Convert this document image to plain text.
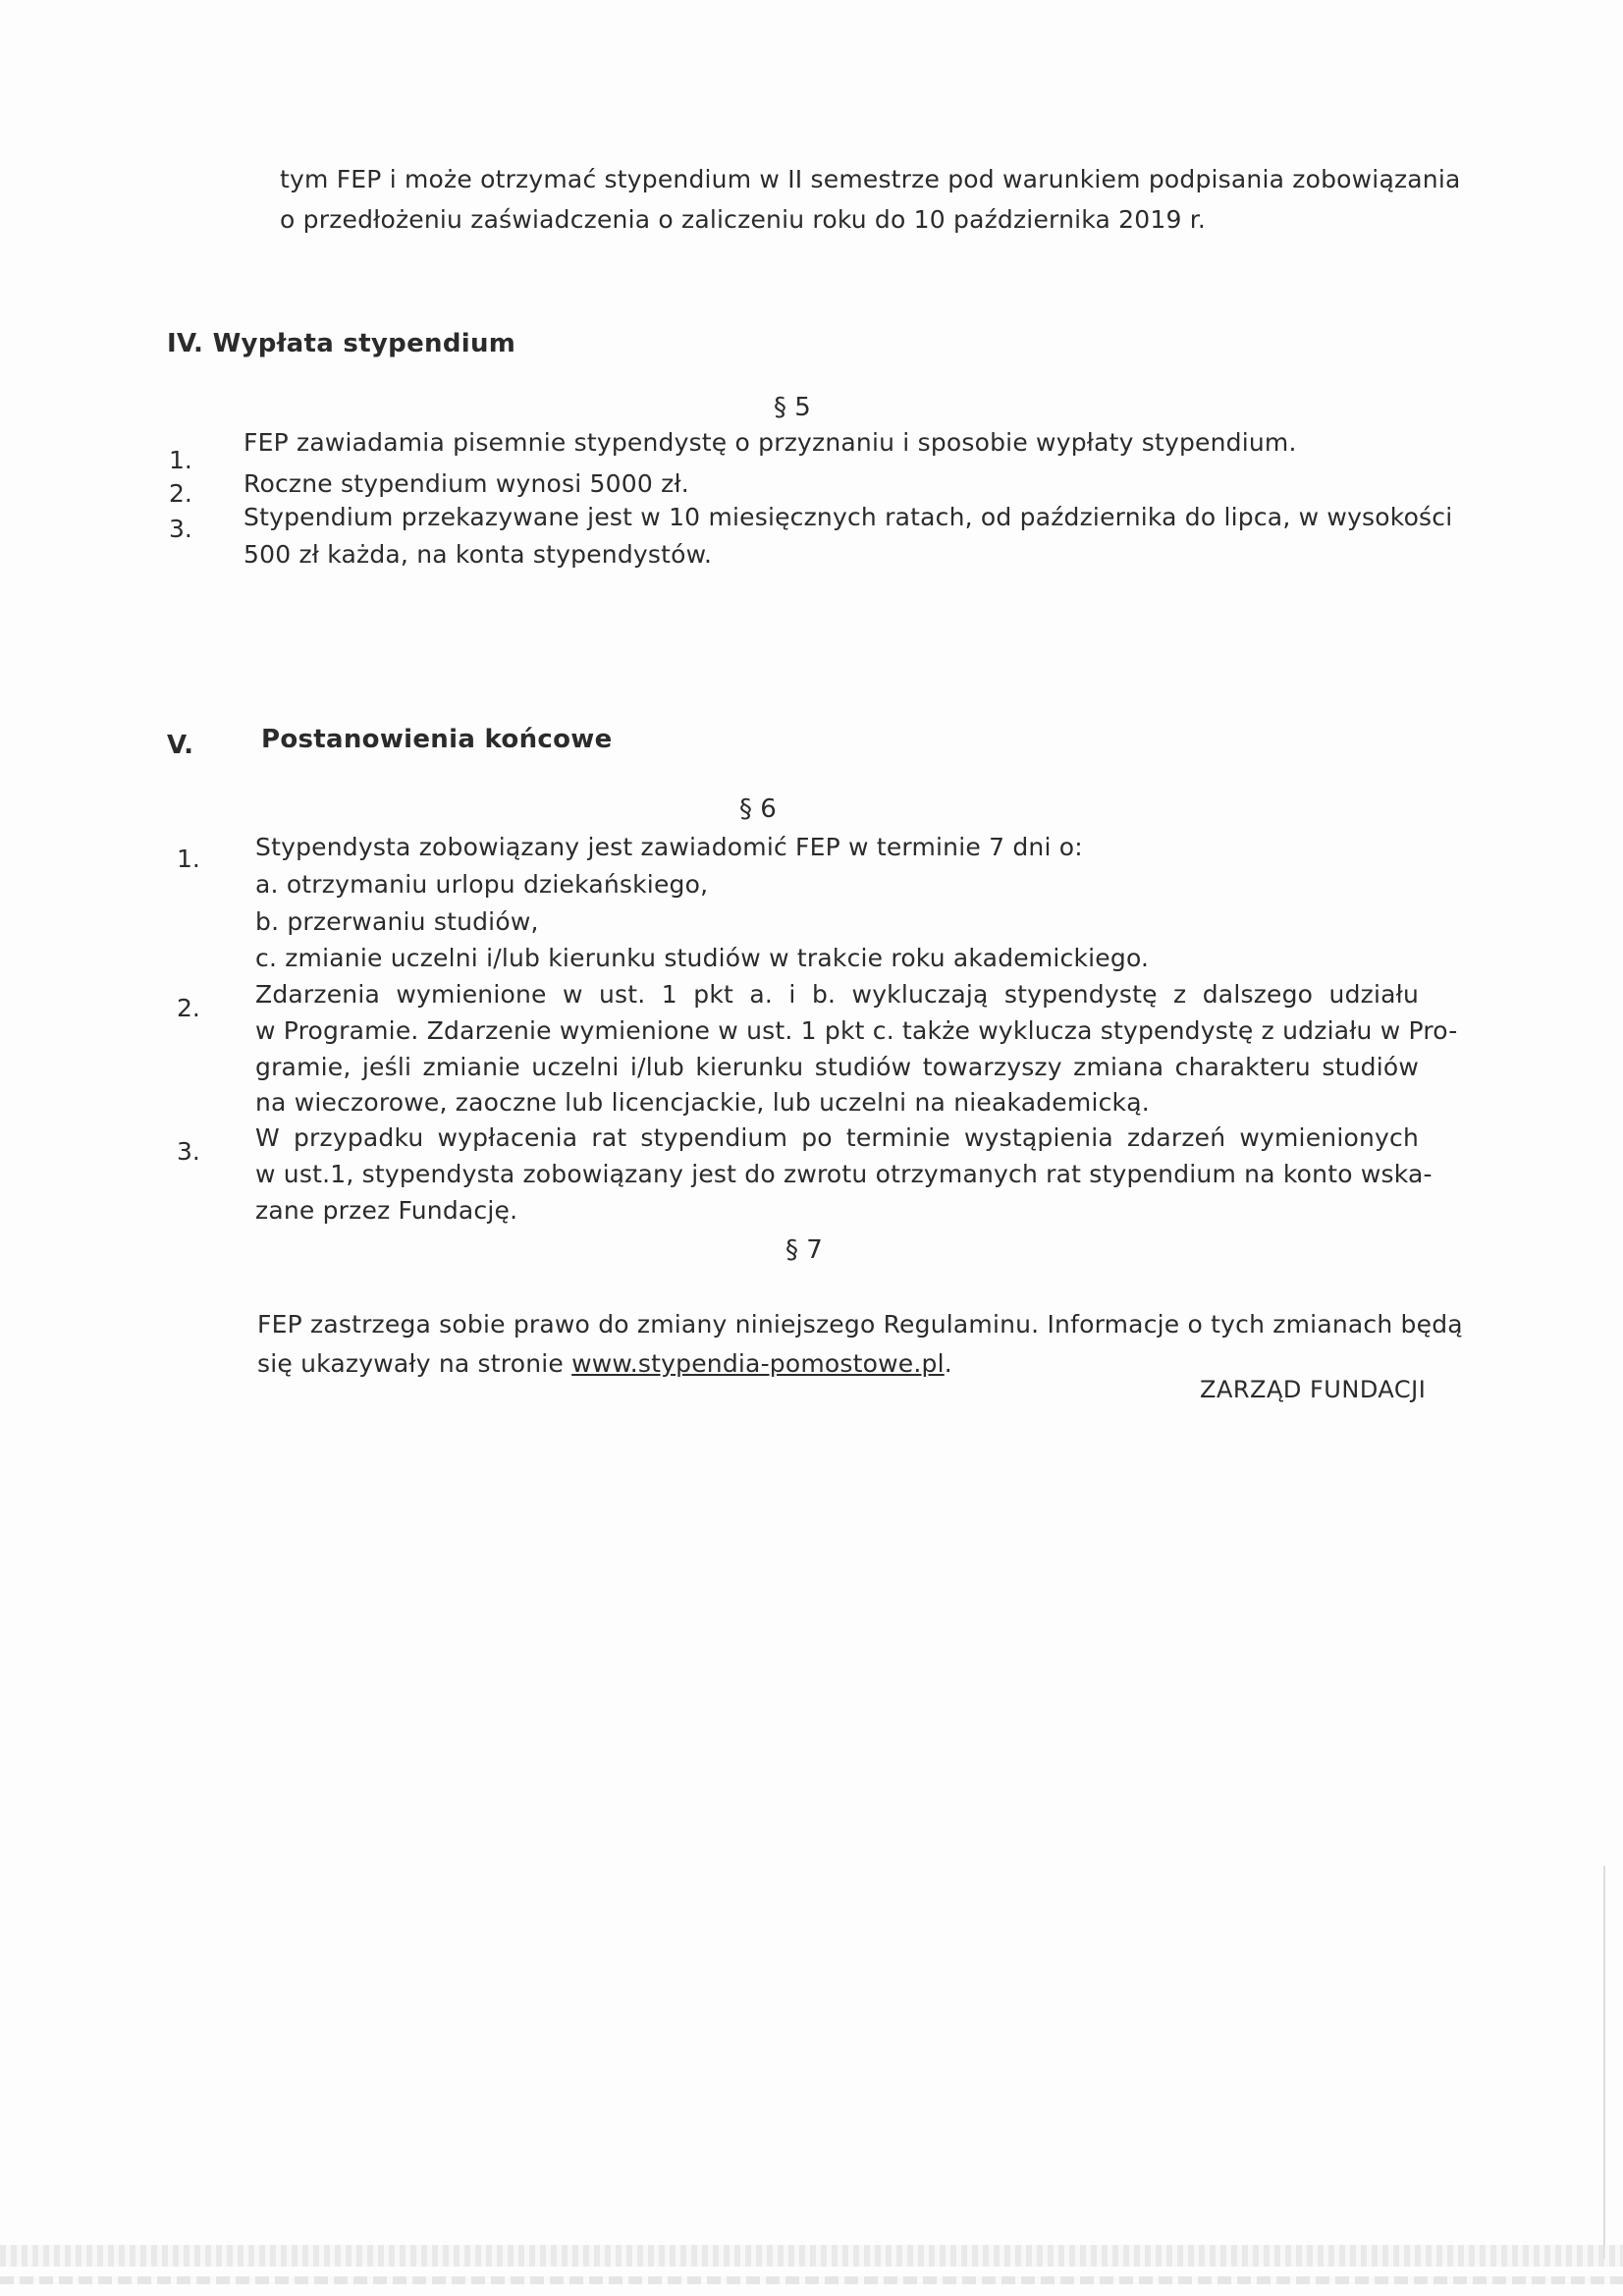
tym FEP i może otrzymać stypendium w II semestrze pod warunkiem podpisania zobowiązania
o przedłożeniu zaświadczenia o zaliczeniu roku do 10 października 2019 r.
IV. Wypłata stypendium
§ 5
1.
FEP zawiadamia pisemnie stypendystę o przyznaniu i sposobie wypłaty stypendium.
2. Roczne stypendium wynosi 5000 zł.
3. Stypendium przekazywane jest w 10 miesięcznych ratach, od października do lipca, w wysokości
500 zł każda, na konta stypendystów.
V.	Postanowienia końcowe
§ 6
1. Stypendysta zobowiązany jest zawiadomić FEP w terminie 7 dni o:
a. otrzymaniu urlopu dziekańskiego,
b. przerwaniu studiów,
c. zmianie uczelni i/lub kierunku studiów w trakcie roku akademickiego.
2. Zdarzenia wymienione w ust. 1 pkt a. i b. wykluczają stypendystę z dalszego udziału
w Programie. Zdarzenie wymienione w ust. 1 pkt c. także wyklucza stypendystę z udziału w Pro-
gramie, jeśli zmianie uczelni i/lub kierunku studiów towarzyszy zmiana charakteru studiów
na wieczorowe, zaoczne lub licencjackie, lub uczelni na nieakademicką.
3. W przypadku wypłacenia rat stypendium po terminie wystąpienia zdarzeń wymienionych
w ust.1, stypendysta zobowiązany jest do zwrotu otrzymanych rat stypendium na konto wska-
zane przez Fundację.
§ 7
FEP zastrzega sobie prawo do zmiany niniejszego Regulaminu. Informacje o tych zmianach będą
się ukazywały na stronie www.stypendia-pomostowe.pl.
ZARZĄD FUNDACJI
